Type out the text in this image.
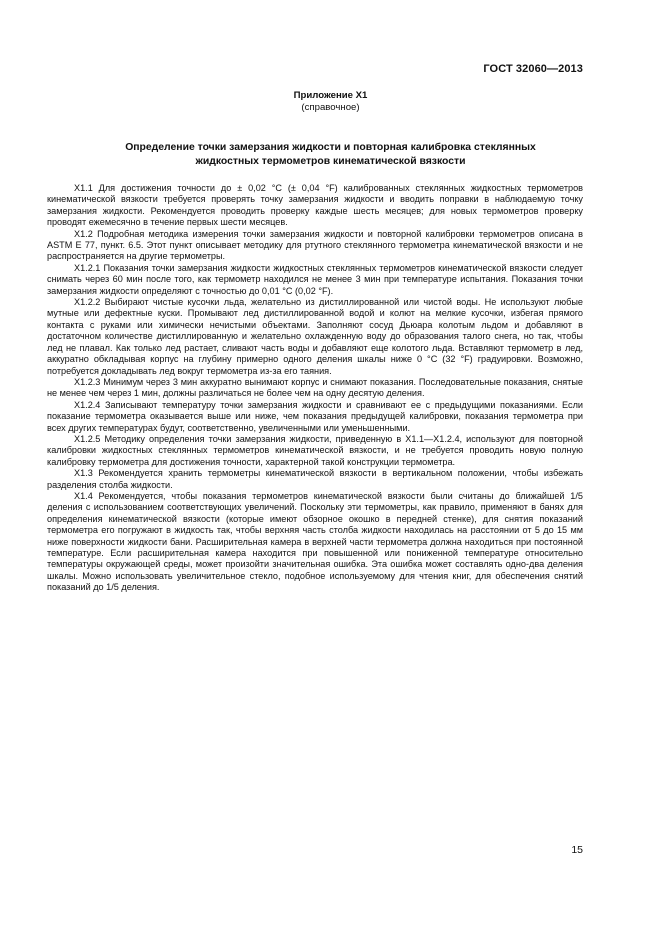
ГОСТ 32060—2013
Приложение Х1
(справочное)
Определение точки замерзания жидкости и повторная калибровка стеклянных
жидкостных термометров кинематической вязкости

Х1.1 Для достижения точности до ± 0,02 °С (± 0,04 °F) калиброванных стеклянных жидкостных термометров кинематической вязкости требуется проверять точку замерзания жидкости и вводить поправки в наблюдаемую точку замерзания жидкости. Рекомендуется проводить проверку каждые шесть месяцев; для новых термометров проверку проводят ежемесячно в течение первых шести месяцев.

Х1.2 Подробная методика измерения точки замерзания жидкости и повторной калибровки термометров описана в ASTM Е 77, пункт. 6.5. Этот пункт описывает методику для ртутного стеклянного термометра кинематической вязкости и не распространяется на другие термометры.

Х1.2.1 Показания точки замерзания жидкости жидкостных стеклянных термометров кинематической вязкости следует снимать через 60 мин после того, как термометр находился не менее 3 мин при температуре испытания. Показания точки замерзания жидкости определяют с точностью до 0,01 °С (0,02 °F).

Х1.2.2 Выбирают чистые кусочки льда, желательно из дистиллированной или чистой воды. Не используют любые мутные или дефектные куски. Промывают лед дистиллированной водой и колют на мелкие кусочки, избегая прямого контакта с руками или химически нечистыми объектами. Заполняют сосуд Дьюара колотым льдом и добавляют в достаточном количестве дистиллированную и желательно охлажденную воду до образования талого снега, но так, чтобы лед не плавал. Как только лед растает, сливают часть воды и добавляют еще колотого льда. Вставляют термометр в лед, аккуратно обкладывая корпус на глубину примерно одного деления шкалы ниже 0 °С (32 °F) градуировки. Возможно, потребуется докладывать лед вокруг термометра из-за его таяния.

Х1.2.3 Минимум через 3 мин аккуратно вынимают корпус и снимают показания. Последовательные показания, снятые не менее чем через 1 мин, должны различаться не более чем на одну десятую деления.

Х1.2.4 Записывают температуру точки замерзания жидкости и сравнивают ее с предыдущими показаниями. Если показание термометра оказывается выше или ниже, чем показания предыдущей калибровки, показания термометра при всех других температурах будут, соответственно, увеличенными или уменьшенными.

Х1.2.5 Методику определения точки замерзания жидкости, приведенную в Х1.1—Х1.2.4, используют для повторной калибровки жидкостных стеклянных термометров кинематической вязкости, и не требуется проводить новую полную калибровку термометра для достижения точности, характерной такой конструкции термометра.

Х1.3 Рекомендуется хранить термометры кинематической вязкости в вертикальном положении, чтобы избежать разделения столба жидкости.

Х1.4 Рекомендуется, чтобы показания термометров кинематической вязкости были считаны до ближайшей 1/5 деления с использованием соответствующих увеличений. Поскольку эти термометры, как правило, применяют в банях для определения кинематической вязкости (которые имеют обзорное окошко в передней стенке), для снятия показаний термометра его погружают в жидкость так, чтобы верхняя часть столба жидкости находилась на расстоянии от 5 до 15 мм ниже поверхности жидкости бани. Расширительная камера в верхней части термометра должна находиться при постоянной температуре. Если расширительная камера находится при повышенной или пониженной температуре относительно температуры окружающей среды, может произойти значительная ошибка. Эта ошибка может составлять одно-два деления шкалы. Можно использовать увеличительное стекло, подобное используемому для чтения книг, для обеспечения снятий показаний до 1/5 деления.

15
